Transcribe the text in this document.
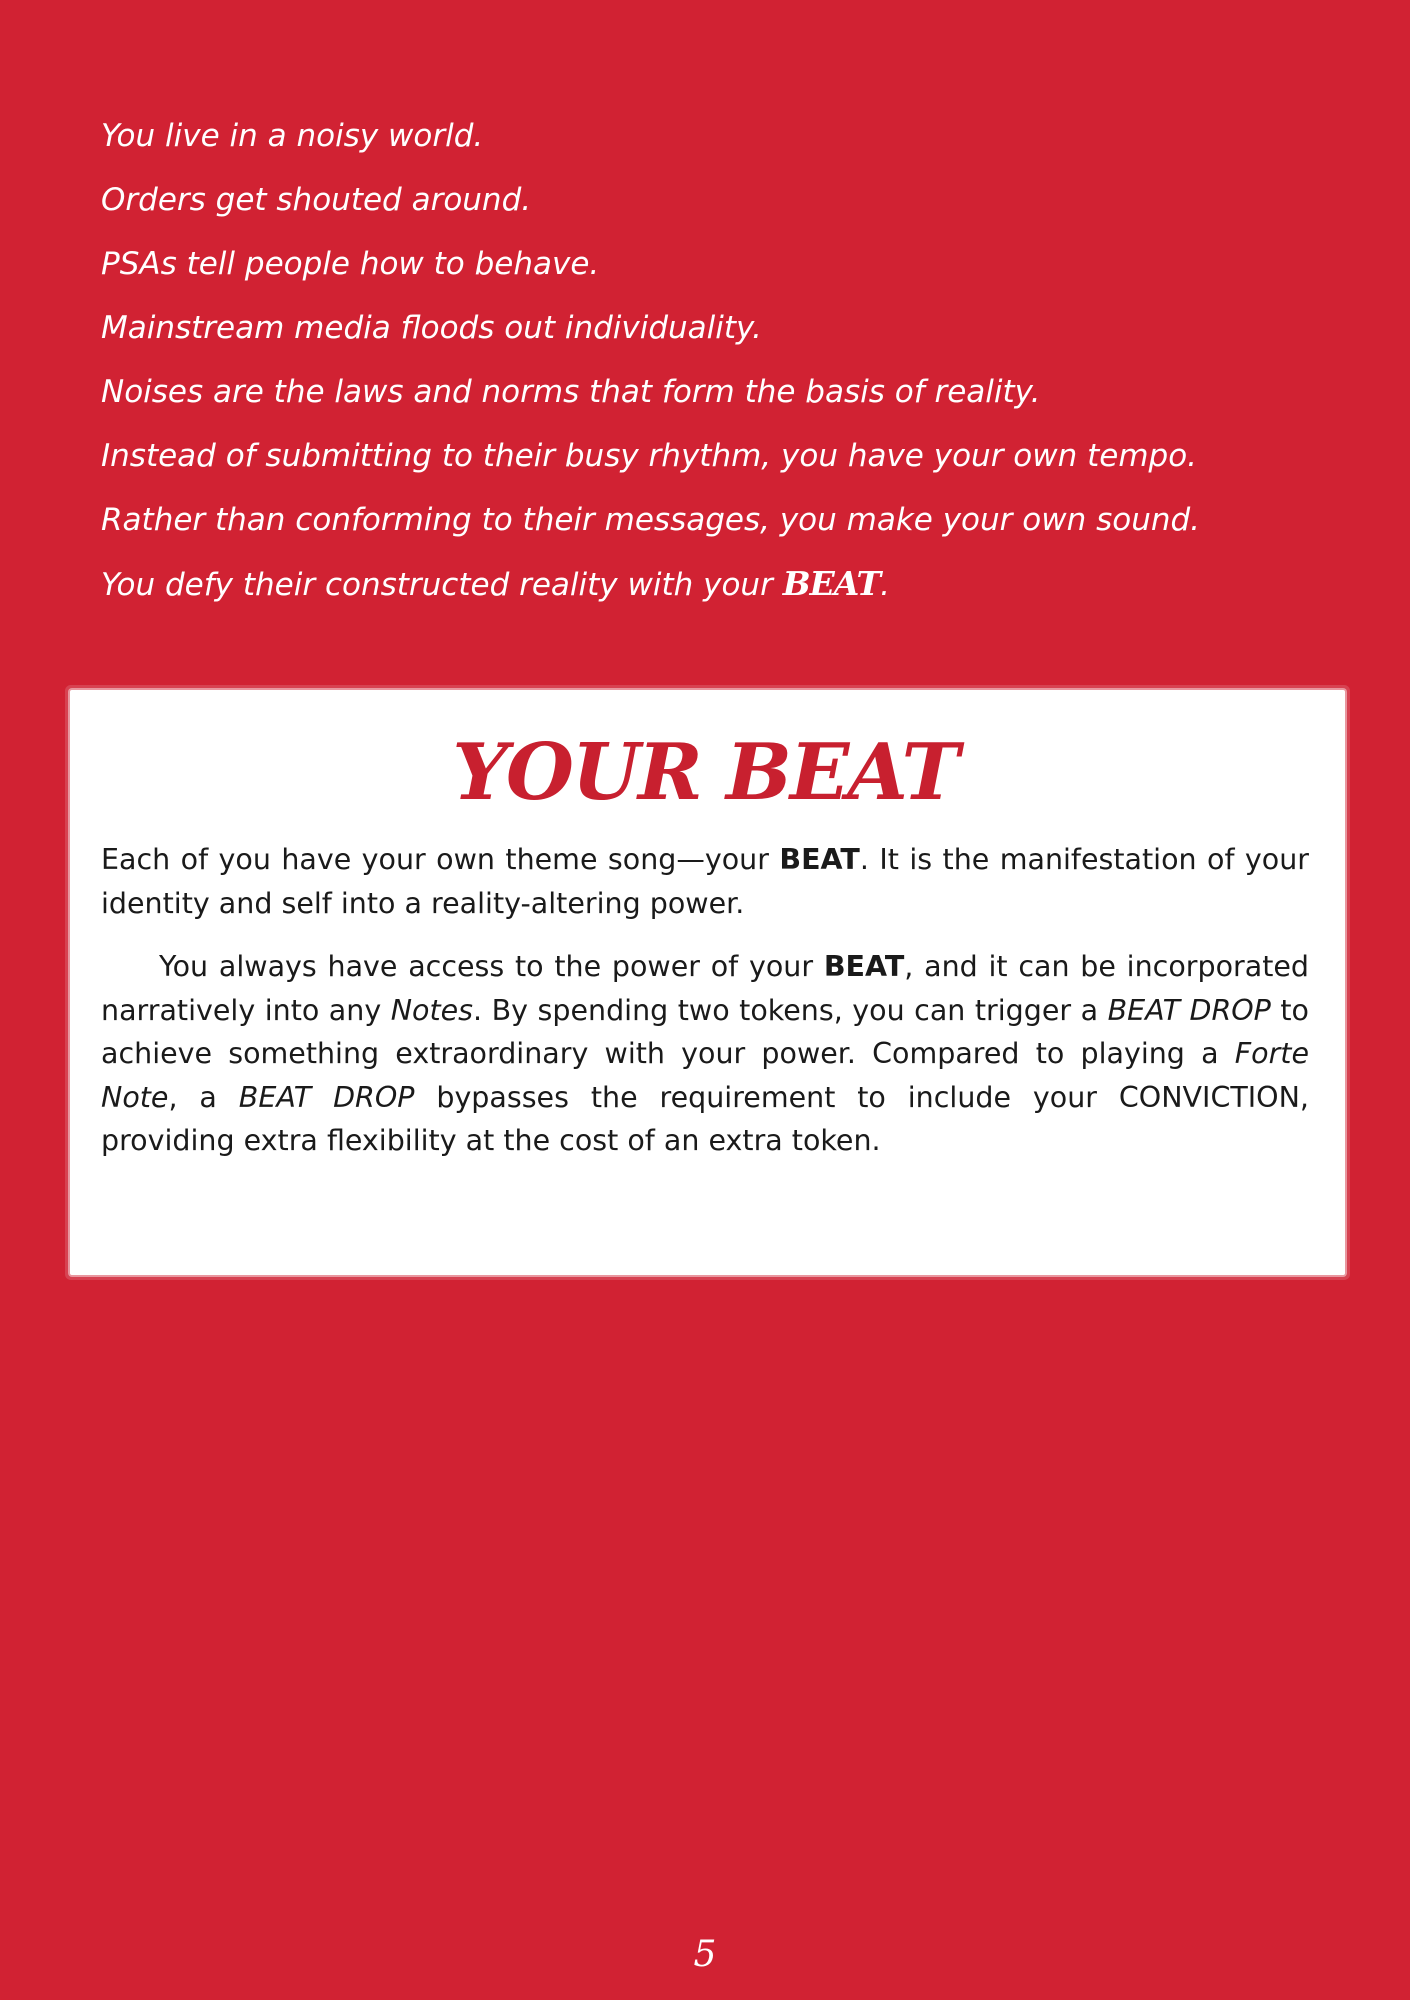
You live in a noisy world.
Orders get shouted around.
PSAs tell people how to behave.
Mainstream media floods out individuality.
Noises are the laws and norms that form the basis of reality.
Instead of submitting to their busy rhythm, you have your own tempo.
Rather than conforming to their messages, you make your own sound.
You defy their constructed reality with your BEAT.
YOUR BEAT

Each of you have your own theme song—your BEAT. It is the manifestation of your identity and self into a reality-altering power.

You always have access to the power of your BEAT, and it can be incorporated narratively into any Notes. By spending two tokens, you can trigger a BEAT DROP to achieve something extraordinary with your power. Compared to playing a Forte Note, a BEAT DROP bypasses the requirement to include your CONVICTION, providing extra flexibility at the cost of an extra token.

5
